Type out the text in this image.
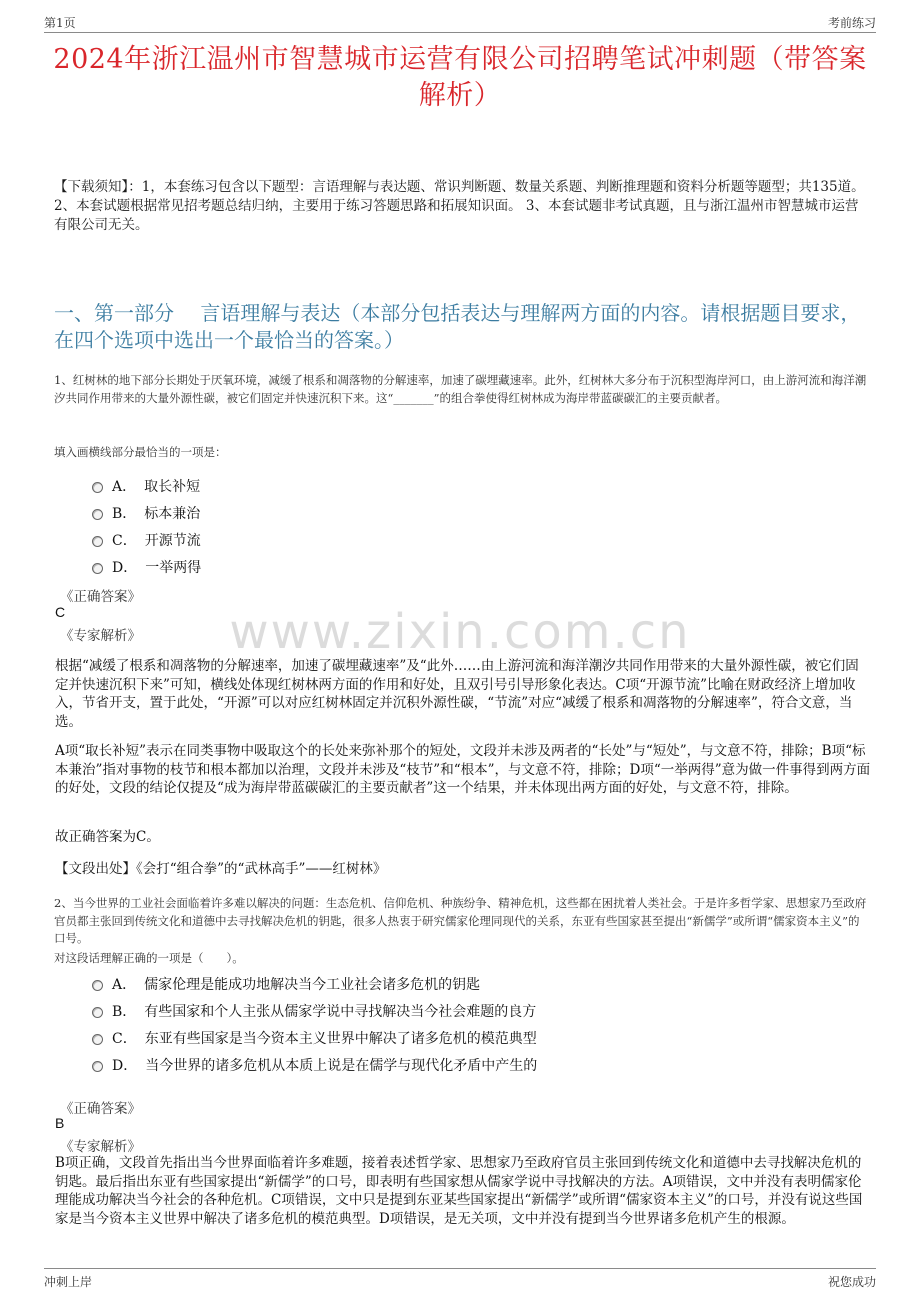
第1页	考前练习
www.zixin.com.cn
2024年浙江温州市智慧城市运营有限公司招聘笔试冲刺题（带答案解析）
【下载须知】：1，本套练习包含以下题型：言语理解与表达题、常识判断题、数量关系题、判断推理题和资料分析题等题型；共135道。 2、本套试题根据常见招考题总结归纳，主要用于练习答题思路和拓展知识面。 3、本套试题非考试真题，且与浙江温州市智慧城市运营有限公司无关。
一、第一部分　 言语理解与表达（本部分包括表达与理解两方面的内容。请根据题目要求，在四个选项中选出一个最恰当的答案。）
1、红树林的地下部分长期处于厌氧环境，减缓了根系和凋落物的分解速率，加速了碳埋藏速率。此外，红树林大多分布于沉积型海岸河口，由上游河流和海洋潮汐共同作用带来的大量外源性碳，被它们固定并快速沉积下来。这“_______”的组合拳使得红树林成为海岸带蓝碳碳汇的主要贡献者。
填入画横线部分最恰当的一项是：
A． 取长补短
B． 标本兼治
C． 开源节流
D． 一举两得
《正确答案》
C
《专家解析》
根据“减缓了根系和凋落物的分解速率，加速了碳埋藏速率”及“此外……由上游河流和海洋潮汐共同作用带来的大量外源性碳，被它们固定并快速沉积下来”可知，横线处体现红树林两方面的作用和好处，且双引号引导形象化表达。C项“开源节流”比喻在财政经济上增加收入，节省开支，置于此处，“开源”可以对应红树林固定并沉积外源性碳，“节流”对应“减缓了根系和凋落物的分解速率”，符合文意，当选。
A项“取长补短”表示在同类事物中吸取这个的长处来弥补那个的短处，文段并未涉及两者的“长处”与“短处”，与文意不符，排除；B项“标本兼治”指对事物的枝节和根本都加以治理，文段并未涉及“枝节”和“根本”，与文意不符，排除；D项“一举两得”意为做一件事得到两方面的好处，文段的结论仅提及“成为海岸带蓝碳碳汇的主要贡献者”这一个结果，并未体现出两方面的好处，与文意不符，排除。
故正确答案为C。
【文段出处】《会打“组合拳”的“武林高手”——红树林》
2、当今世界的工业社会面临着许多难以解决的问题：生态危机、信仰危机、种族纷争、精神危机，这些都在困扰着人类社会。于是许多哲学家、思想家乃至政府官员都主张回到传统文化和道德中去寻找解决危机的钥匙，很多人热衷于研究儒家伦理同现代的关系，东亚有些国家甚至提出“新儒学”或所谓“儒家资本主义”的口号。
对这段话理解正确的一项是（　　）。
A． 儒家伦理是能成功地解决当今工业社会诸多危机的钥匙
B． 有些国家和个人主张从儒家学说中寻找解决当今社会难题的良方
C． 东亚有些国家是当今资本主义世界中解决了诸多危机的模范典型
D． 当今世界的诸多危机从本质上说是在儒学与现代化矛盾中产生的
《正确答案》
B
《专家解析》
B项正确，文段首先指出当今世界面临着许多难题，接着表述哲学家、思想家乃至政府官员主张回到传统文化和道德中去寻找解决危机的钥匙。最后指出东亚有些国家提出“新儒学”的口号，即表明有些国家想从儒家学说中寻找解决的方法。A项错误，文中并没有表明儒家伦理能成功解决当今社会的各种危机。C项错误，文中只是提到东亚某些国家提出“新儒学”或所谓“儒家资本主义”的口号，并没有说这些国家是当今资本主义世界中解决了诸多危机的模范典型。D项错误，是无关项，文中并没有提到当今世界诸多危机产生的根源。
冲刺上岸	祝您成功
